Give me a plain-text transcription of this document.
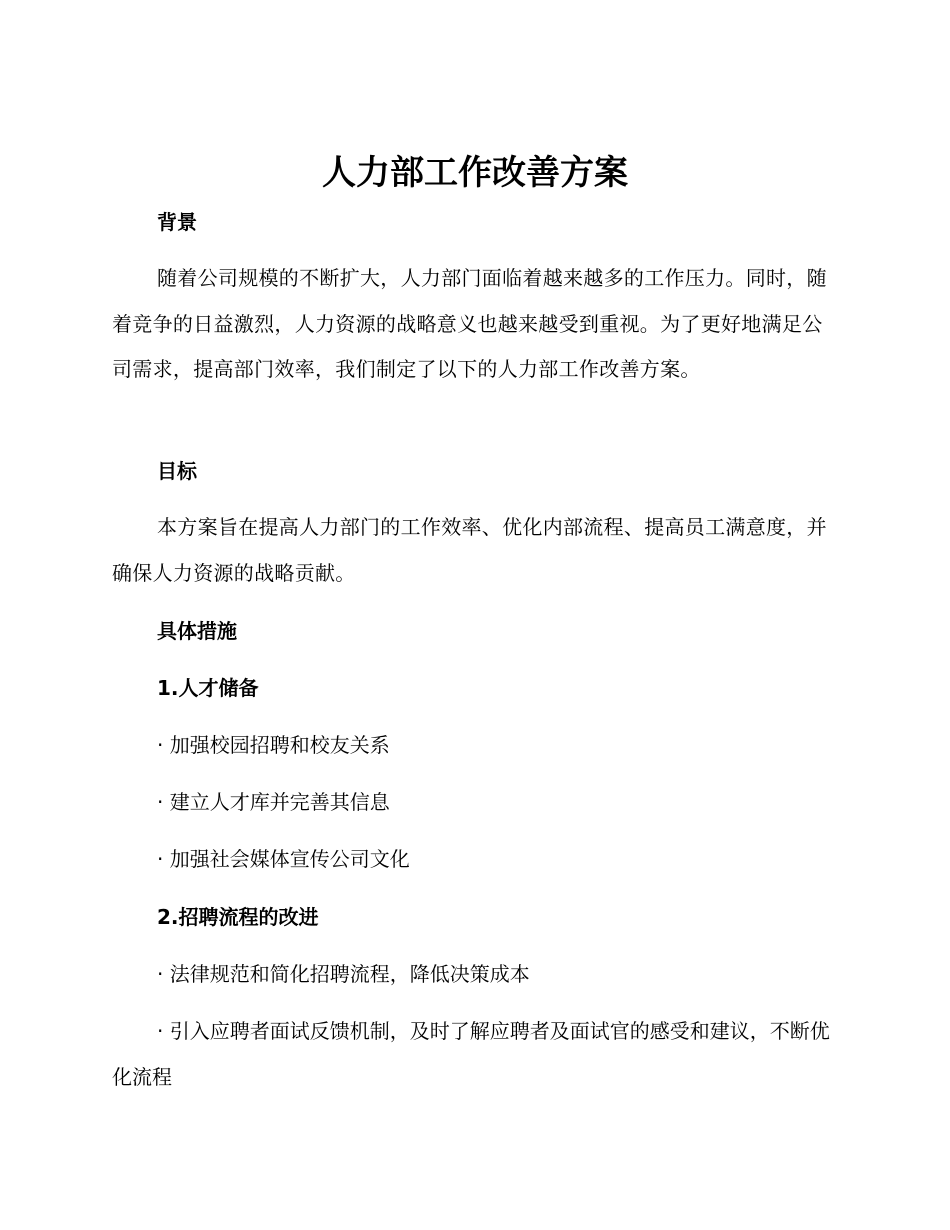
人力部工作改善方案
背景

随着公司规模的不断扩大，人力部门面临着越来越多的工作压力。同时，随着竞争的日益激烈，人力资源的战略意义也越来越受到重视。为了更好地满足公司需求，提高部门效率，我们制定了以下的人力部工作改善方案。

目标

本方案旨在提高人力部门的工作效率、优化内部流程、提高员工满意度，并确保人力资源的战略贡献。

具体措施
1.人才储备

· 加强校园招聘和校友关系

· 建立人才库并完善其信息

· 加强社会媒体宣传公司文化

2.招聘流程的改进

· 法律规范和简化招聘流程，降低决策成本

· 引入应聘者面试反馈机制，及时了解应聘者及面试官的感受和建议，不断优化流程
